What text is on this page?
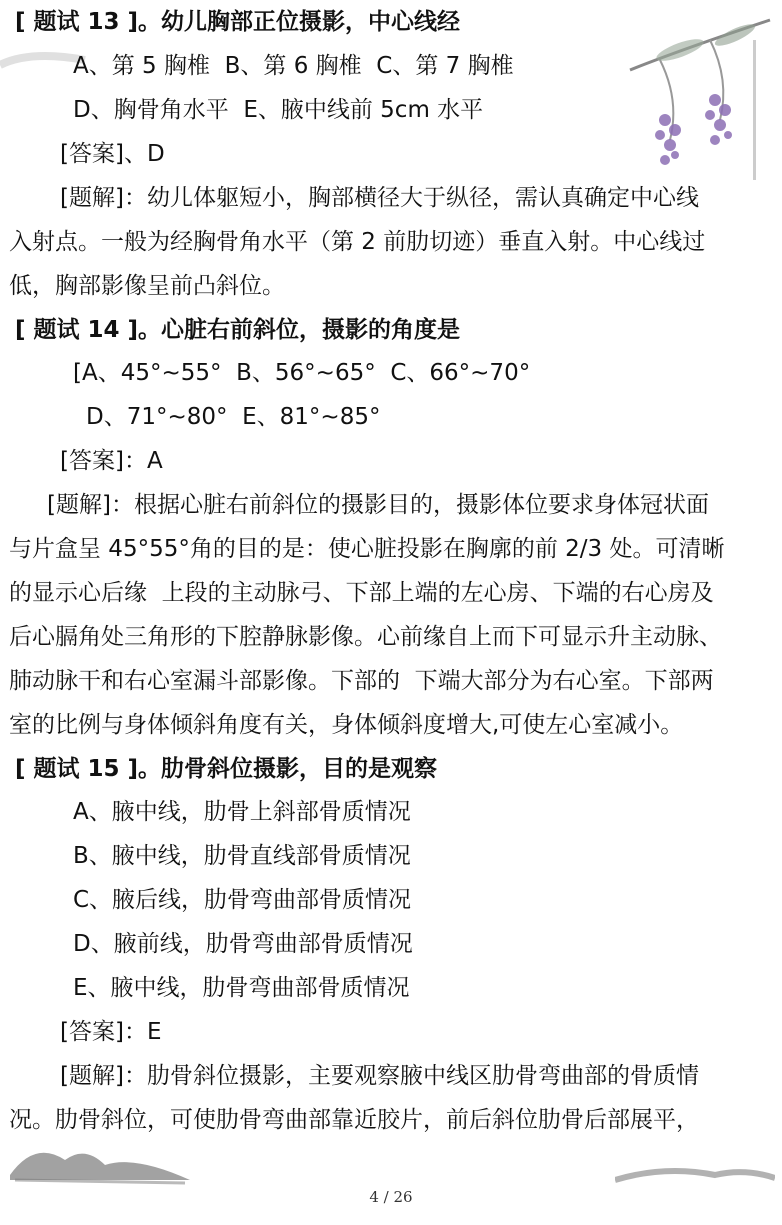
[ 题试 13 ]。幼儿胸部正位摄影，中心线经
A、第 5 胸椎  B、第 6 胸椎  C、第 7 胸椎
D、胸骨角水平  E、腋中线前 5cm 水平
[答案]、D
[题解]：幼儿体躯短小，胸部横径大于纵径，需认真确定中心线
入射点。一般为经胸骨角水平（第 2 前肋切迹）垂直入射。中心线过
低，胸部影像呈前凸斜位。
[ 题试 14 ]。心脏右前斜位，摄影的角度是
[A、45°~55°  B、56°~65°  C、66°~70°
D、71°~80°  E、81°~85°
[答案]：A
[题解]：根据心脏右前斜位的摄影目的，摄影体位要求身体冠状面
与片盒呈 45°55°角的目的是：使心脏投影在胸廓的前 2/3 处。可清晰
的显示心后缘  上段的主动脉弓、下部上端的左心房、下端的右心房及
后心膈角处三角形的下腔静脉影像。心前缘自上而下可显示升主动脉、
肺动脉干和右心室漏斗部影像。下部的  下端大部分为右心室。下部两
室的比例与身体倾斜角度有关，身体倾斜度增大,可使左心室减小。
[ 题试 15 ]。肋骨斜位摄影，目的是观察
A、腋中线，肋骨上斜部骨质情况
B、腋中线，肋骨直线部骨质情况
C、腋后线，肋骨弯曲部骨质情况
D、腋前线，肋骨弯曲部骨质情况
E、腋中线，肋骨弯曲部骨质情况
[答案]：E
[题解]：肋骨斜位摄影，主要观察腋中线区肋骨弯曲部的骨质情
况。肋骨斜位，可使肋骨弯曲部靠近胶片，前后斜位肋骨后部展平，
4 / 26
